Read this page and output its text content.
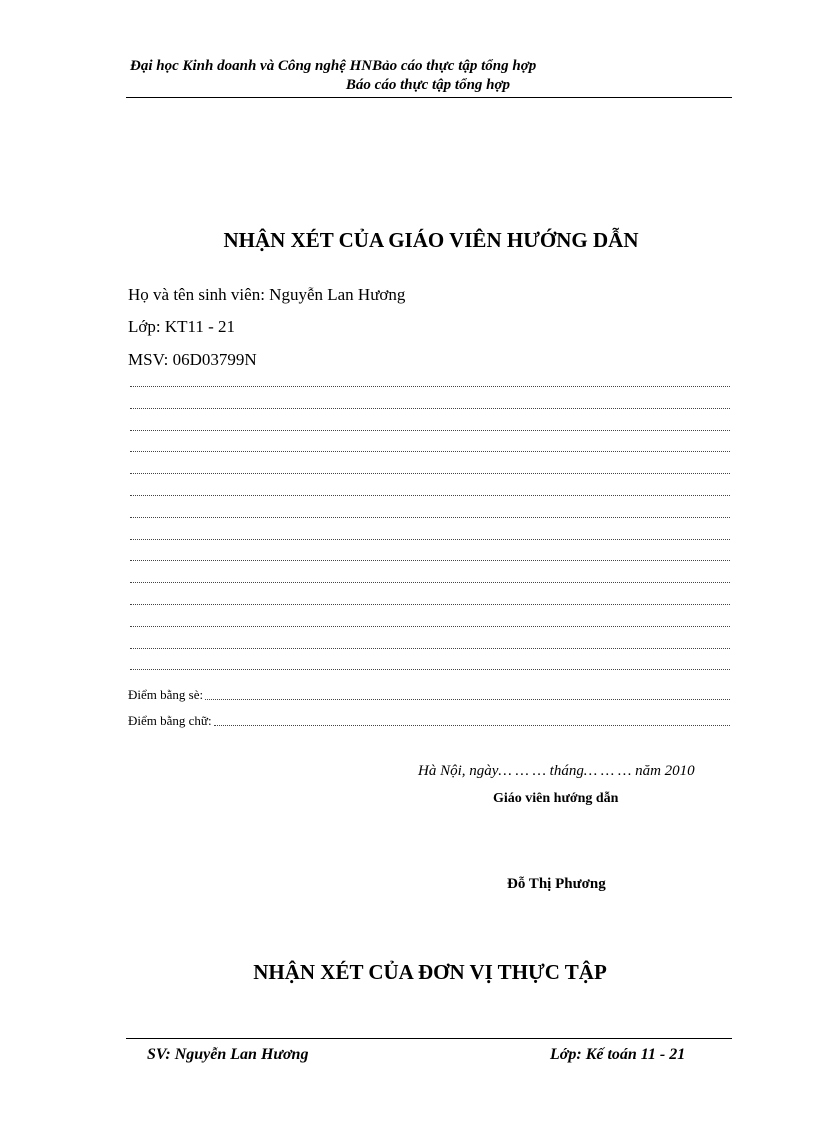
Đại học Kinh doanh và Công nghệ HNBảo cáo thực tập tổng hợp
Báo cáo thực tập tổng hợp
NHẬN XÉT CỦA GIÁO VIÊN HƯỚNG DẪN
Họ và tên sinh viên: Nguyễn Lan Hương
Lớp: KT11 - 21
MSV: 06D03799N
Điểm bằng sè:
Điểm bằng chữ:
Hà Nội, ngày… … … tháng… … … năm 2010
Giáo viên hướng dẫn
Đỗ Thị Phương
NHẬN XÉT CỦA ĐƠN VỊ THỰC TẬP
SV: Nguyễn Lan Hương	Lớp: Kế toán 11 - 21
